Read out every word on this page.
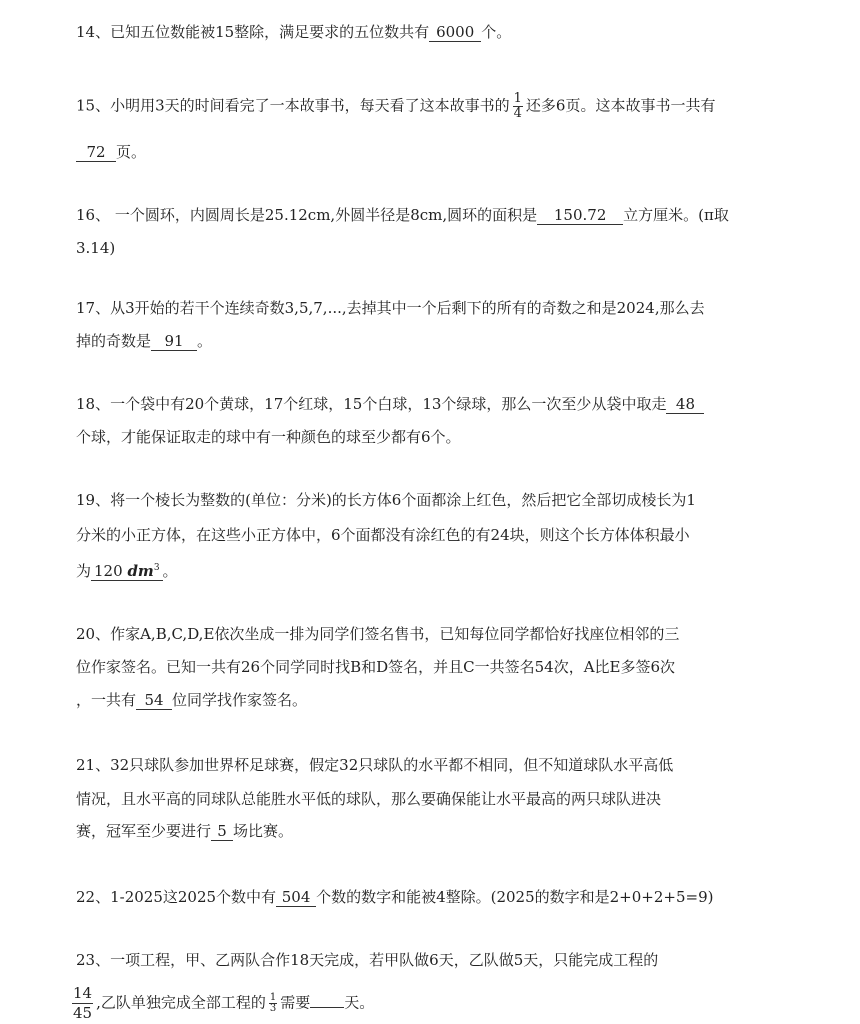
14、已知五位数能被15整除，满足要求的五位数共有 6000 个。
15、小明用3天的时间看完了一本故事书，每天看了这本故事书的 $\frac{1}{4}$ 还多6页。这本故事书一共有
72 页。
16、 一个圆环，内圆周长是25.12cm,外圆半径是8cm,圆环的面积是 150.72 立方厘米。(π取
3.14)
17、从3开始的若干个连续奇数3,5,7,...,去掉其中一个后剩下的所有的奇数之和是2024,那么去
掉的奇数是 91 。
18、一个袋中有20个黄球，17个红球，15个白球，13个绿球，那么一次至少从袋中取走 48
个球，才能保证取走的球中有一种颜色的球至少都有6个。
19、将一个棱长为整数的(单位：分米)的长方体6个面都涂上红色，然后把它全部切成棱长为1
分米的小正方体，在这些小正方体中，6个面都没有涂红色的有24块，则这个长方体体积最小
为 120 $dm^3$ 。
20、作家A,B,C,D,E依次坐成一排为同学们签名售书，已知每位同学都恰好找座位相邻的三
位作家签名。已知一共有26个同学同时找B和D签名，并且C一共签名54次，A比E多签6次
，一共有 54 位同学找作家签名。
21、32只球队参加世界杯足球赛，假定32只球队的水平都不相同，但不知道球队水平高低
情况，且水平高的同球队总能胜水平低的球队，那么要确保能让水平最高的两只球队进决
赛，冠军至少要进行 5 场比赛。
22、1-2025这2025个数中有 504 个数的数字和能被4整除。(2025的数字和是2+0+2+5=9)
23、一项工程，甲、乙两队合作18天完成，若甲队做6天，乙队做5天，只能完成工程的
$\frac{14}{45}$ ,乙队单独完成全部工程的 $\frac{1}{3}$ 需要 天。
